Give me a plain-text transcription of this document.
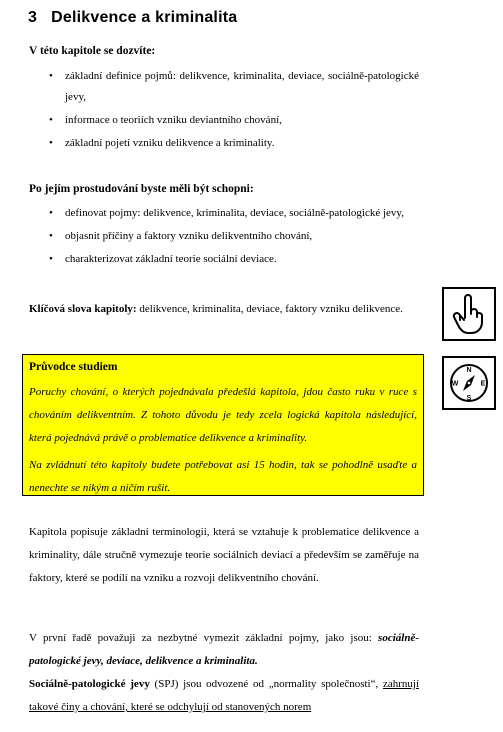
3 Delikvence a kriminalita
V této kapitole se dozvíte:
• základní definice pojmů: delikvence, kriminalita, deviace, sociálně-patologické jevy,
• informace o teoriích vzniku deviantního chování,
• základní pojetí vzniku delikvence a kriminality.
Po jejím prostudování byste měli být schopni:
• definovat pojmy: delikvence, kriminalita, deviace, sociálně-patologické jevy,
• objasnit příčiny a faktory vzniku delikventního chování,
• charakterizovat základní teorie sociální deviace.

Klíčová slova kapitoly: delikvence, kriminalita, deviace, faktory vzniku delikvence.

N
S
W	E
Průvodce studiem

Poruchy chování, o kterých pojednávala předešlá kapitola, jdou často ruku v ruce s chováním delikventním. Z tohoto důvodu je tedy zcela logická kapitola následující, která pojednává právě o problematice delikvence a kriminality.

Na zvládnutí této kapitoly budete potřebovat asi 15 hodin, tak se pohodlně usaďte a nenechte se nikým a ničím rušit.

Kapitola popisuje základní terminologii, která se vztahuje k problematice delikvence a kriminality, dále stručně vymezuje teorie sociálních deviací a především se zaměřuje na faktory, které se podílí na vzniku a rozvoji delikventního chování.

V první řadě považuji za nezbytné vymezit základní pojmy, jako jsou: sociálně-patologické jevy, deviace, delikvence a kriminalita.
Sociálně-patologické jevy (SPJ) jsou odvozené od „normality společnosti“, zahrnují takové činy a chování, které se odchylují od stanovených norem
